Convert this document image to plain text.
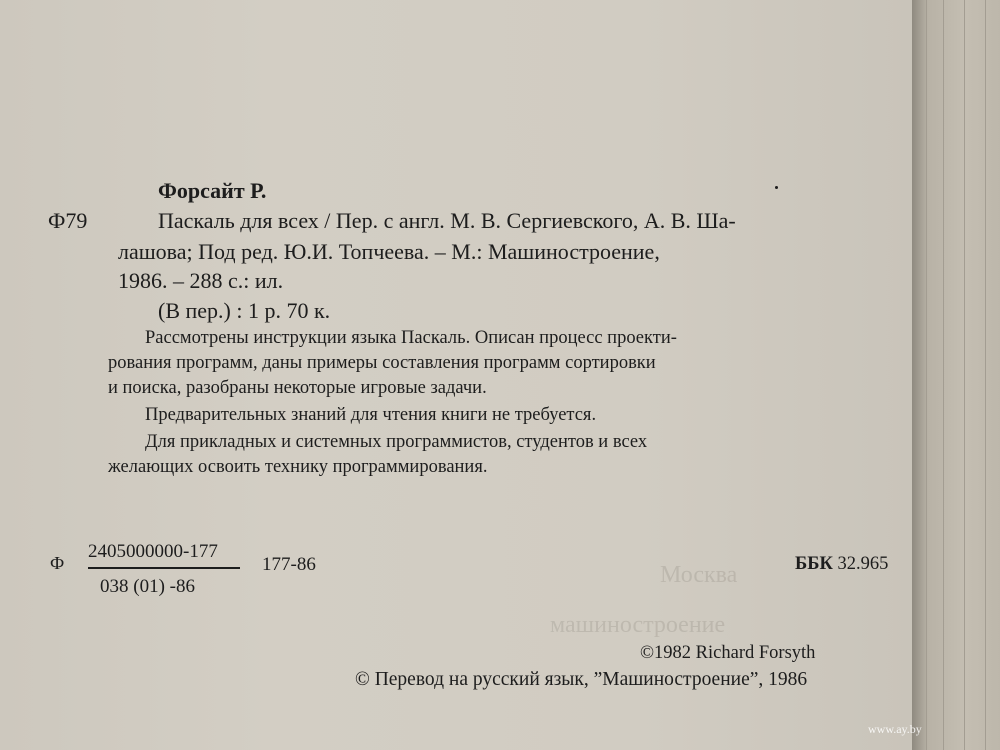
Москва
машиностроение
Форсайт Р.
Ф79	Паскаль для всех / Пер. с англ. М. В. Сергиевского, А. В. Ша-
лашова; Под ред. Ю.И. Топчеева. – М.: Машиностроение,
1986. – 288 с.: ил.
(В пер.) : 1 р. 70 к.
Рассмотрены инструкции языка Паскаль. Описан процесс проекти-
рования программ, даны примеры составления программ сортировки
и поиска, разобраны некоторые игровые задачи.
Предварительных знаний для чтения книги не требуется.
Для прикладных и системных программистов, студентов и всех
желающих освоить технику программирования.
Ф
2405000000-177
038 (01) -86
177-86	ББК 32.965
©1982 Richard Forsyth
© Перевод на русский язык, ”Машиностроение”, 1986
www.ay.by
